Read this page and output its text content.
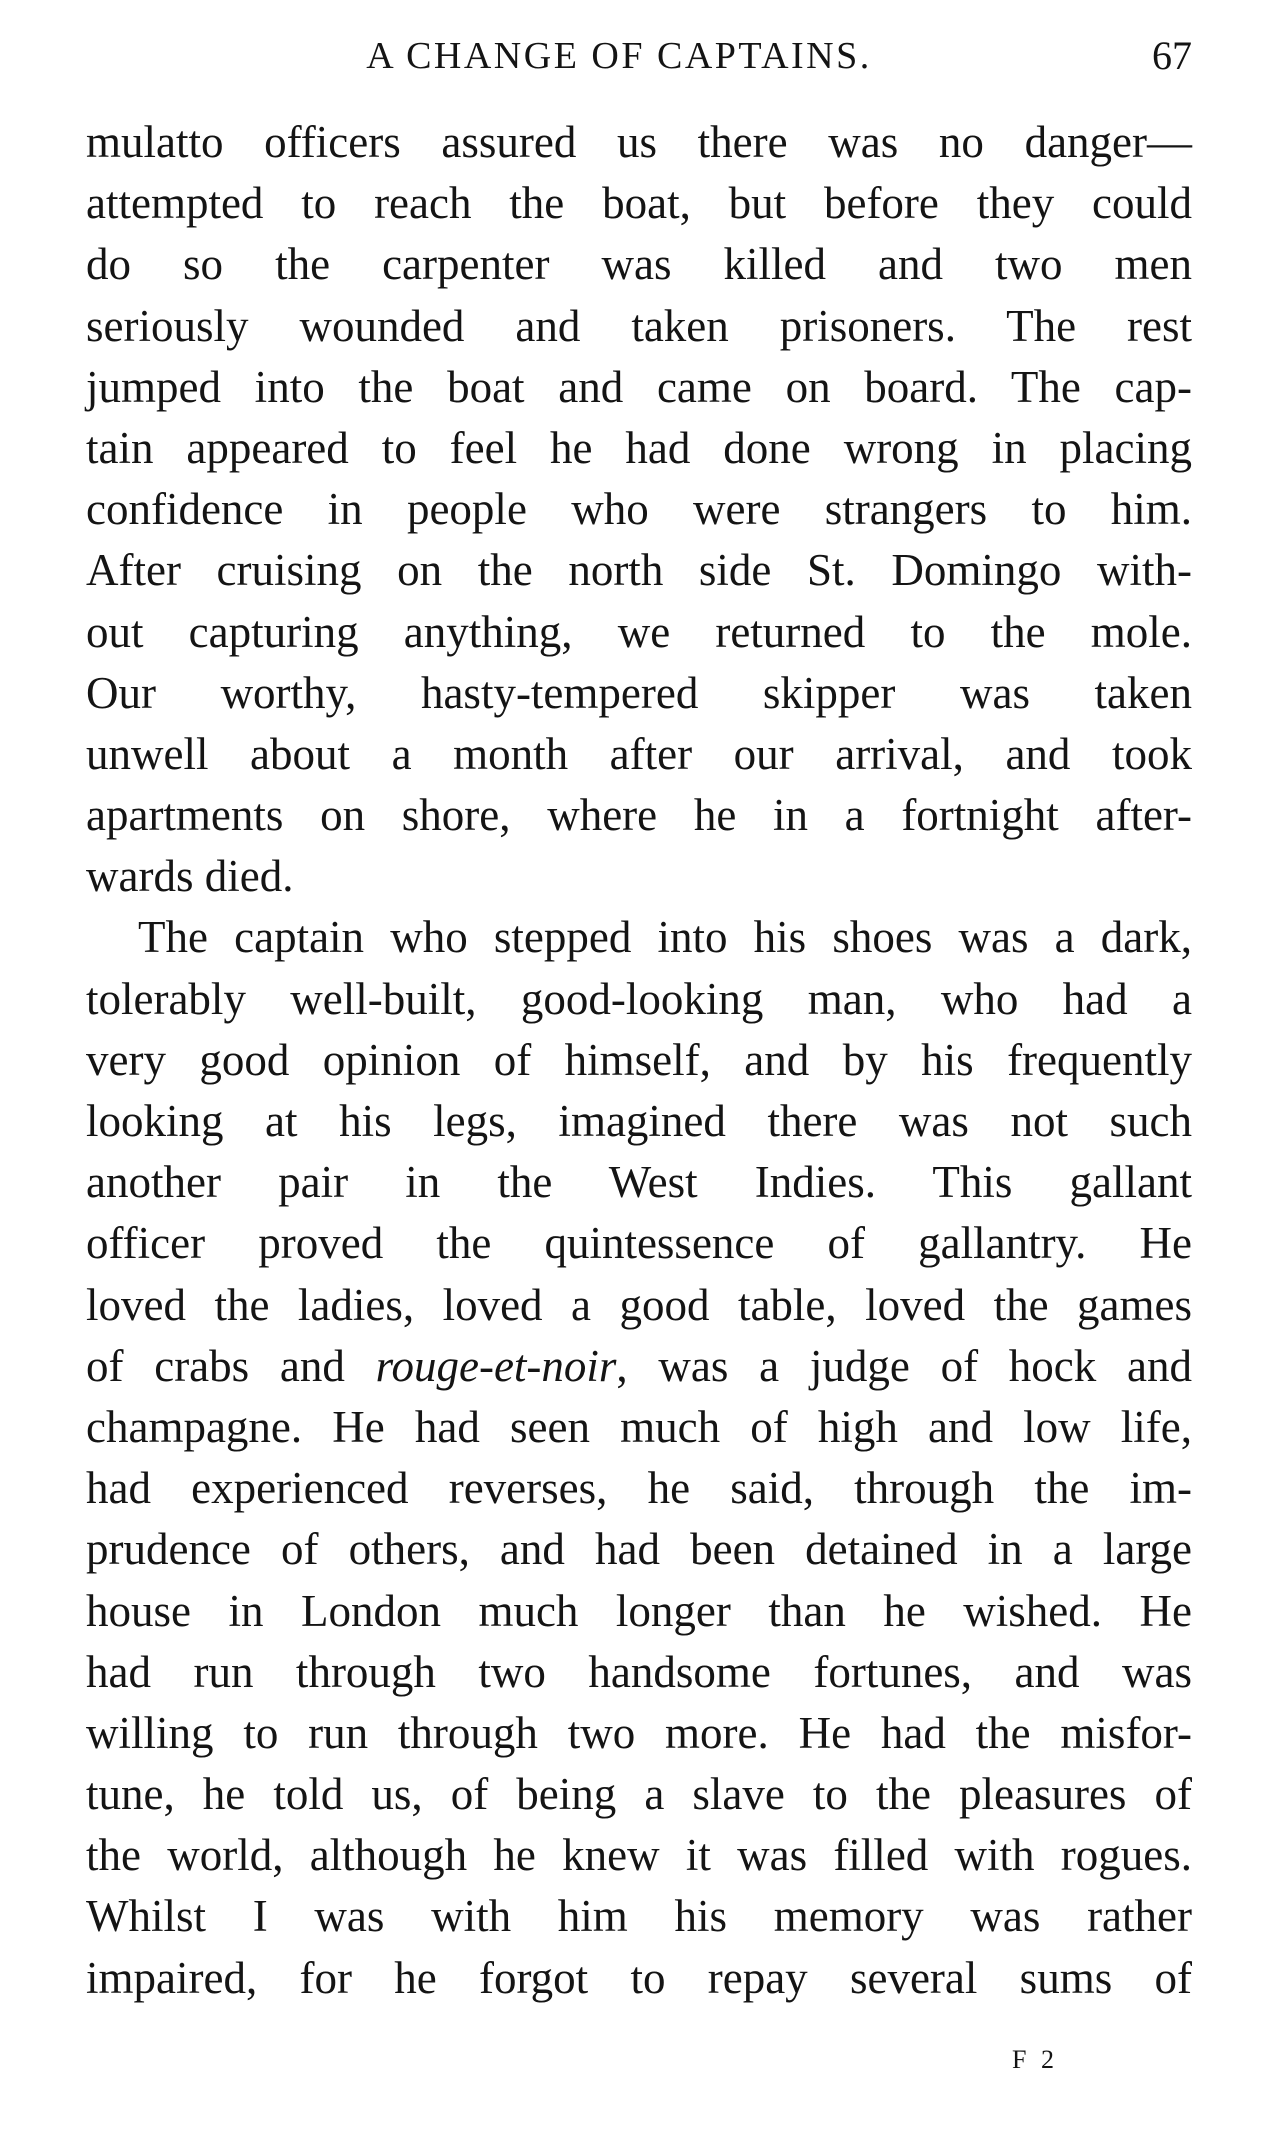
A CHANGE OF CAPTAINS.	67

mulatto officers assured us there was no danger—
attempted to reach the boat, but before they could
do so the carpenter was killed and two men
seriously wounded and taken prisoners. The rest
jumped into the boat and came on board. The cap-
tain appeared to feel he had done wrong in placing
confidence in people who were strangers to him.
After cruising on the north side St. Domingo with-
out capturing anything, we returned to the mole.
Our worthy, hasty-tempered skipper was taken
unwell about a month after our arrival, and took
apartments on shore, where he in a fortnight after-
wards died.

The captain who stepped into his shoes was a dark,
tolerably well-built, good-looking man, who had a
very good opinion of himself, and by his frequently
looking at his legs, imagined there was not such
another pair in the West Indies. This gallant
officer proved the quintessence of gallantry. He
loved the ladies, loved a good table, loved the games
of crabs and rouge-et-noir, was a judge of hock and
champagne. He had seen much of high and low life,
had experienced reverses, he said, through the im-
prudence of others, and had been detained in a large
house in London much longer than he wished. He
had run through two handsome fortunes, and was
willing to run through two more. He had the misfor-
tune, he told us, of being a slave to the pleasures of
the world, although he knew it was filled with rogues.
Whilst I was with him his memory was rather
impaired, for he forgot to repay several sums of

F 2
